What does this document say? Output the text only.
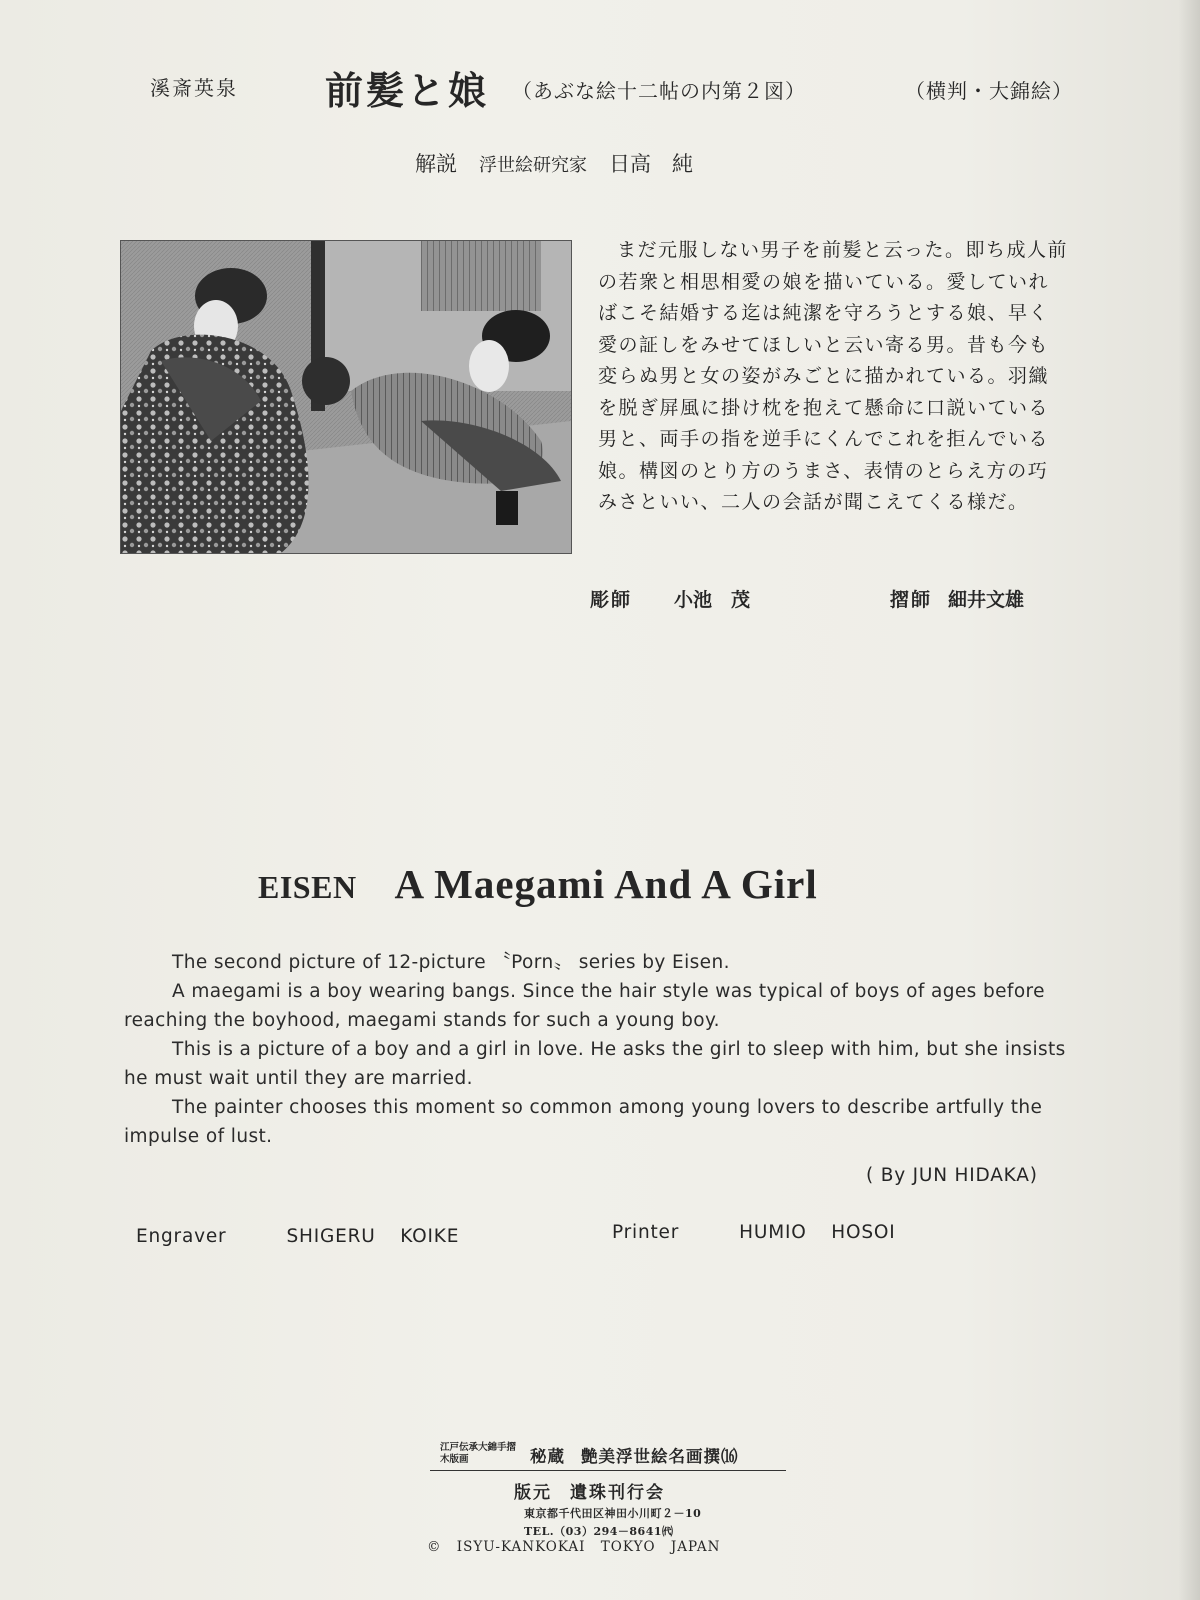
溪斎英泉 前髪と娘 （あぶな絵十二帖の内第２図）	（横判・大錦絵）
解説 浮世絵研究家 日高　純

まだ元服しない男子を前髪と云った。即ち成人前の若衆と相思相愛の娘を描いている。愛していればこそ結婚する迄は純潔を守ろうとする娘、早く愛の証しをみせてほしいと云い寄る男。昔も今も変らぬ男と女の姿がみごとに描かれている。羽織を脱ぎ屏風に掛け枕を抱えて懸命に口説いている男と、両手の指を逆手にくんでこれを拒んでいる娘。構図のとり方のうまさ、表情のとらえ方の巧みさといい、二人の会話が聞こえてくる様だ。

彫師 小池　茂	摺師 細井文雄
EISEN A Maegami And A Girl

The second picture of 12-picture 〝Porn〟 series by Eisen.

A maegami is a boy wearing bangs. Since the hair style was typical of boys of ages before reaching the boyhood, maegami stands for such a young boy.

This is a picture of a boy and a girl in love. He asks the girl to sleep with him, but she insists he must wait until they are married.

The painter chooses this moment so common among young lovers to describe artfully the impulse of lust.

( By JUN HIDAKA)
Engraver	SHIGERU KOIKE	Printer	HUMIO HOSOI
江戸伝承大錦手摺木版画	秘蔵 艶美浮世絵名画撰⒃
版元 遺珠刊行会
東京都千代田区神田小川町２－10
TEL.（03）294－8641㈹
© ISYU-KANKOKAI TOKYO JAPAN
